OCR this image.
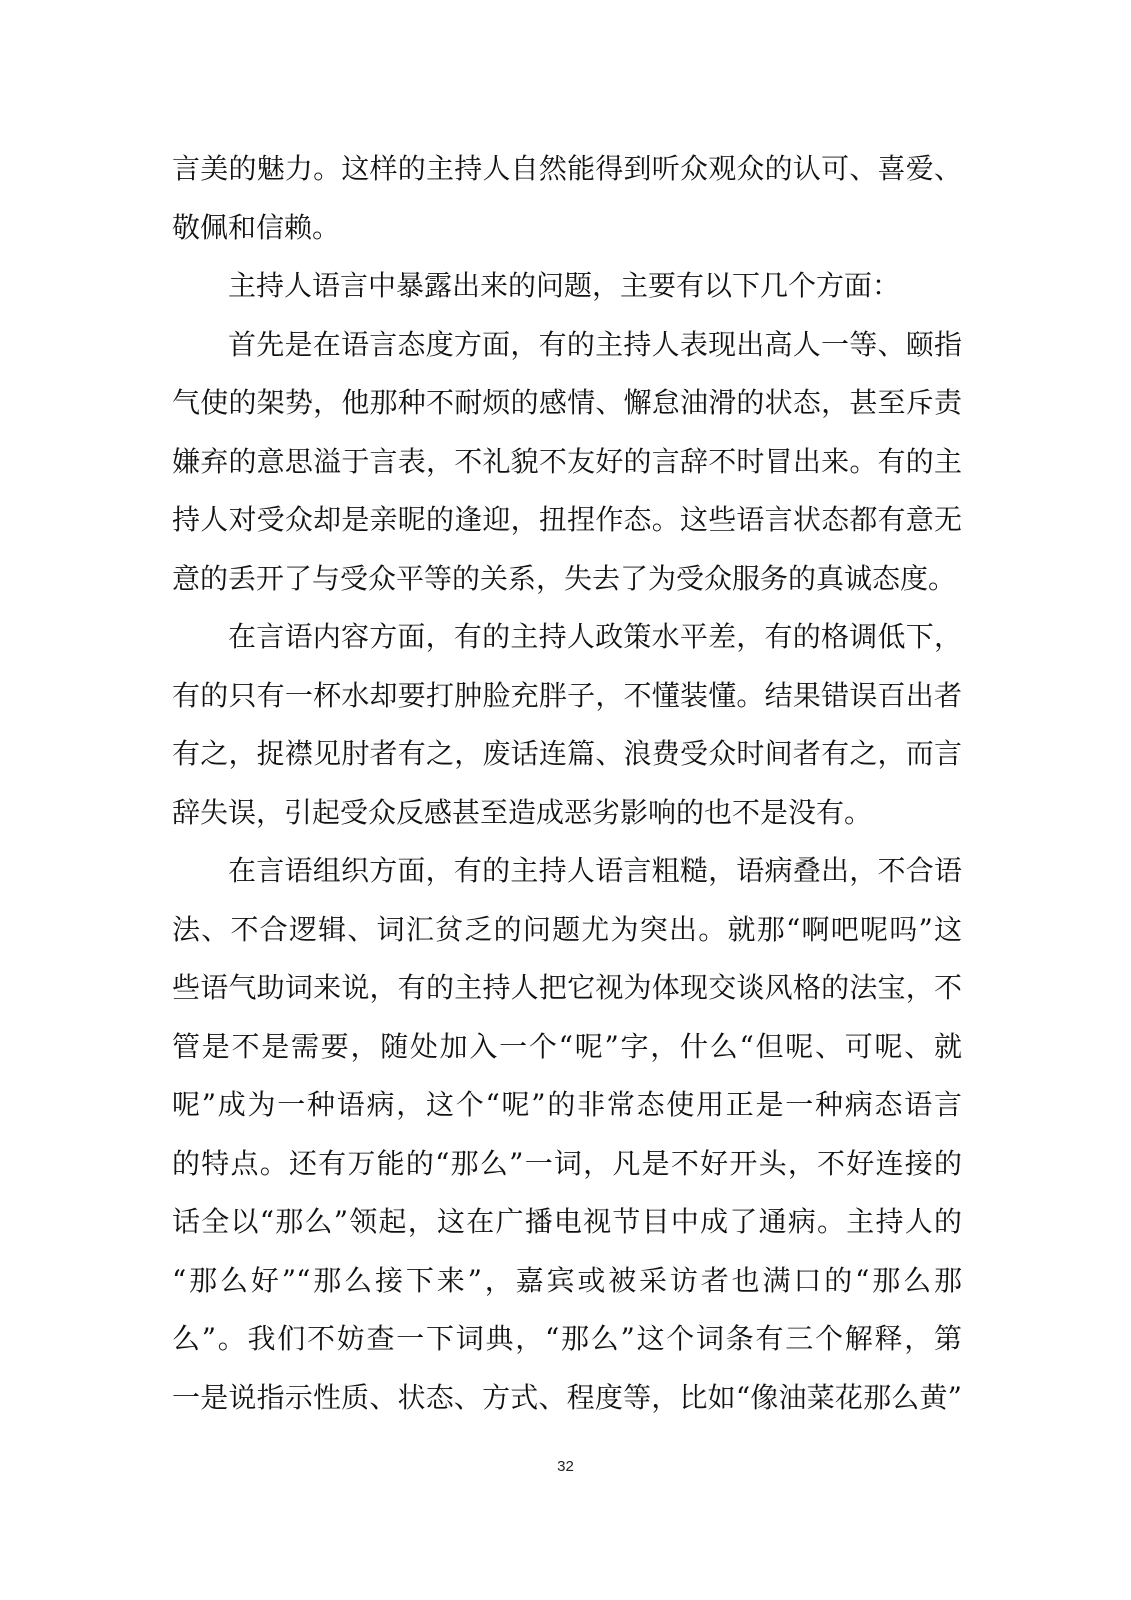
言美的魅力。这样的主持人自然能得到听众观众的认可、喜爱、
敬佩和信赖。
主持人语言中暴露出来的问题，主要有以下几个方面：
首先是在语言态度方面，有的主持人表现出高人一等、颐指
气使的架势，他那种不耐烦的感情、懈怠油滑的状态，甚至斥责
嫌弃的意思溢于言表，不礼貌不友好的言辞不时冒出来。有的主
持人对受众却是亲昵的逢迎，扭捏作态。这些语言状态都有意无
意的丢开了与受众平等的关系，失去了为受众服务的真诚态度。
在言语内容方面，有的主持人政策水平差，有的格调低下，
有的只有一杯水却要打肿脸充胖子，不懂装懂。结果错误百出者
有之，捉襟见肘者有之，废话连篇、浪费受众时间者有之，而言
辞失误，引起受众反感甚至造成恶劣影响的也不是没有。
在言语组织方面，有的主持人语言粗糙，语病叠出，不合语
法、不合逻辑、词汇贫乏的问题尤为突出。就那“啊吧呢吗”这
些语气助词来说，有的主持人把它视为体现交谈风格的法宝，不
管是不是需要，随处加入一个“呢”字，什么“但呢、可呢、就
呢”成为一种语病，这个“呢”的非常态使用正是一种病态语言
的特点。还有万能的“那么”一词，凡是不好开头，不好连接的
话全以“那么”领起，这在广播电视节目中成了通病。主持人的
“那么好”“那么接下来”，嘉宾或被采访者也满口的“那么那
么”。我们不妨查一下词典，“那么”这个词条有三个解释，第
一是说指示性质、状态、方式、程度等，比如“像油菜花那么黄”
32
